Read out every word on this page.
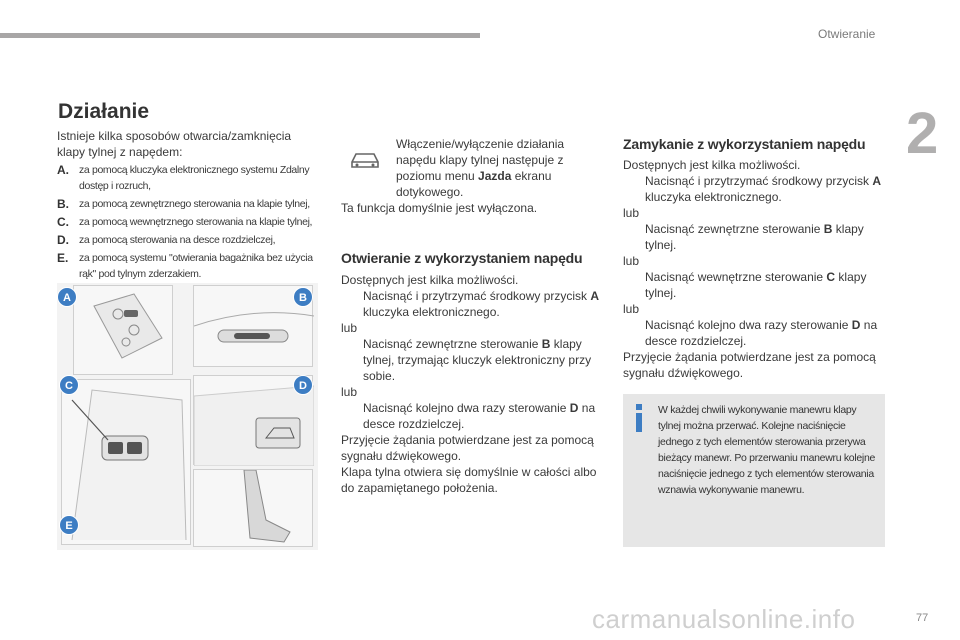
Otwieranie
2
77
Działanie
Istnieje kilka sposobów otwarcia/zamknięcia klapy tylnej z napędem:
A. za pomocą kluczyka elektronicznego systemu Zdalny dostęp i rozruch,
B. za pomocą zewnętrznego sterowania na klapie tylnej,
C. za pomocą wewnętrznego sterowania na klapie tylnej,
D. za pomocą sterowania na desce rozdzielczej,
E.	za pomocą systemu "otwierania bagażnika bez użycia rąk" pod tylnym zderzakiem.
A	B
C	D
E
Włączenie/wyłączenie działania napędu klapy tylnej następuje z poziomu menu Jazda ekranu dotykowego.
Ta funkcja domyślnie jest wyłączona.
Otwieranie z wykorzystaniem napędu
Dostępnych jest kilka możliwości.
Nacisnąć i przytrzymać środkowy przycisk A kluczyka elektronicznego.
lub
Nacisnąć zewnętrzne sterowanie B klapy tylnej, trzymając kluczyk elektroniczny przy sobie.
lub
Nacisnąć kolejno dwa razy sterowanie D na desce rozdzielczej.
Przyjęcie żądania potwierdzane jest za pomocą sygnału dźwiękowego.
Klapa tylna otwiera się domyślnie w całości albo do zapamiętanego położenia.
Zamykanie z wykorzystaniem napędu
Dostępnych jest kilka możliwości.
Nacisnąć i przytrzymać środkowy przycisk A kluczyka elektronicznego.
lub
Nacisnąć zewnętrzne sterowanie B klapy tylnej.
lub
Nacisnąć wewnętrzne sterowanie C klapy tylnej.
lub
Nacisnąć kolejno dwa razy sterowanie D na desce rozdzielczej.
Przyjęcie żądania potwierdzane jest za pomocą sygnału dźwiękowego.
W każdej chwili wykonywanie manewru klapy tylnej można przerwać. Kolejne naciśnięcie jednego z tych elementów sterowania przerywa bieżący manewr. Po przerwaniu manewru kolejne naciśnięcie jednego z tych elementów sterowania wznawia wykonywanie manewru.
carmanualsonline.info
